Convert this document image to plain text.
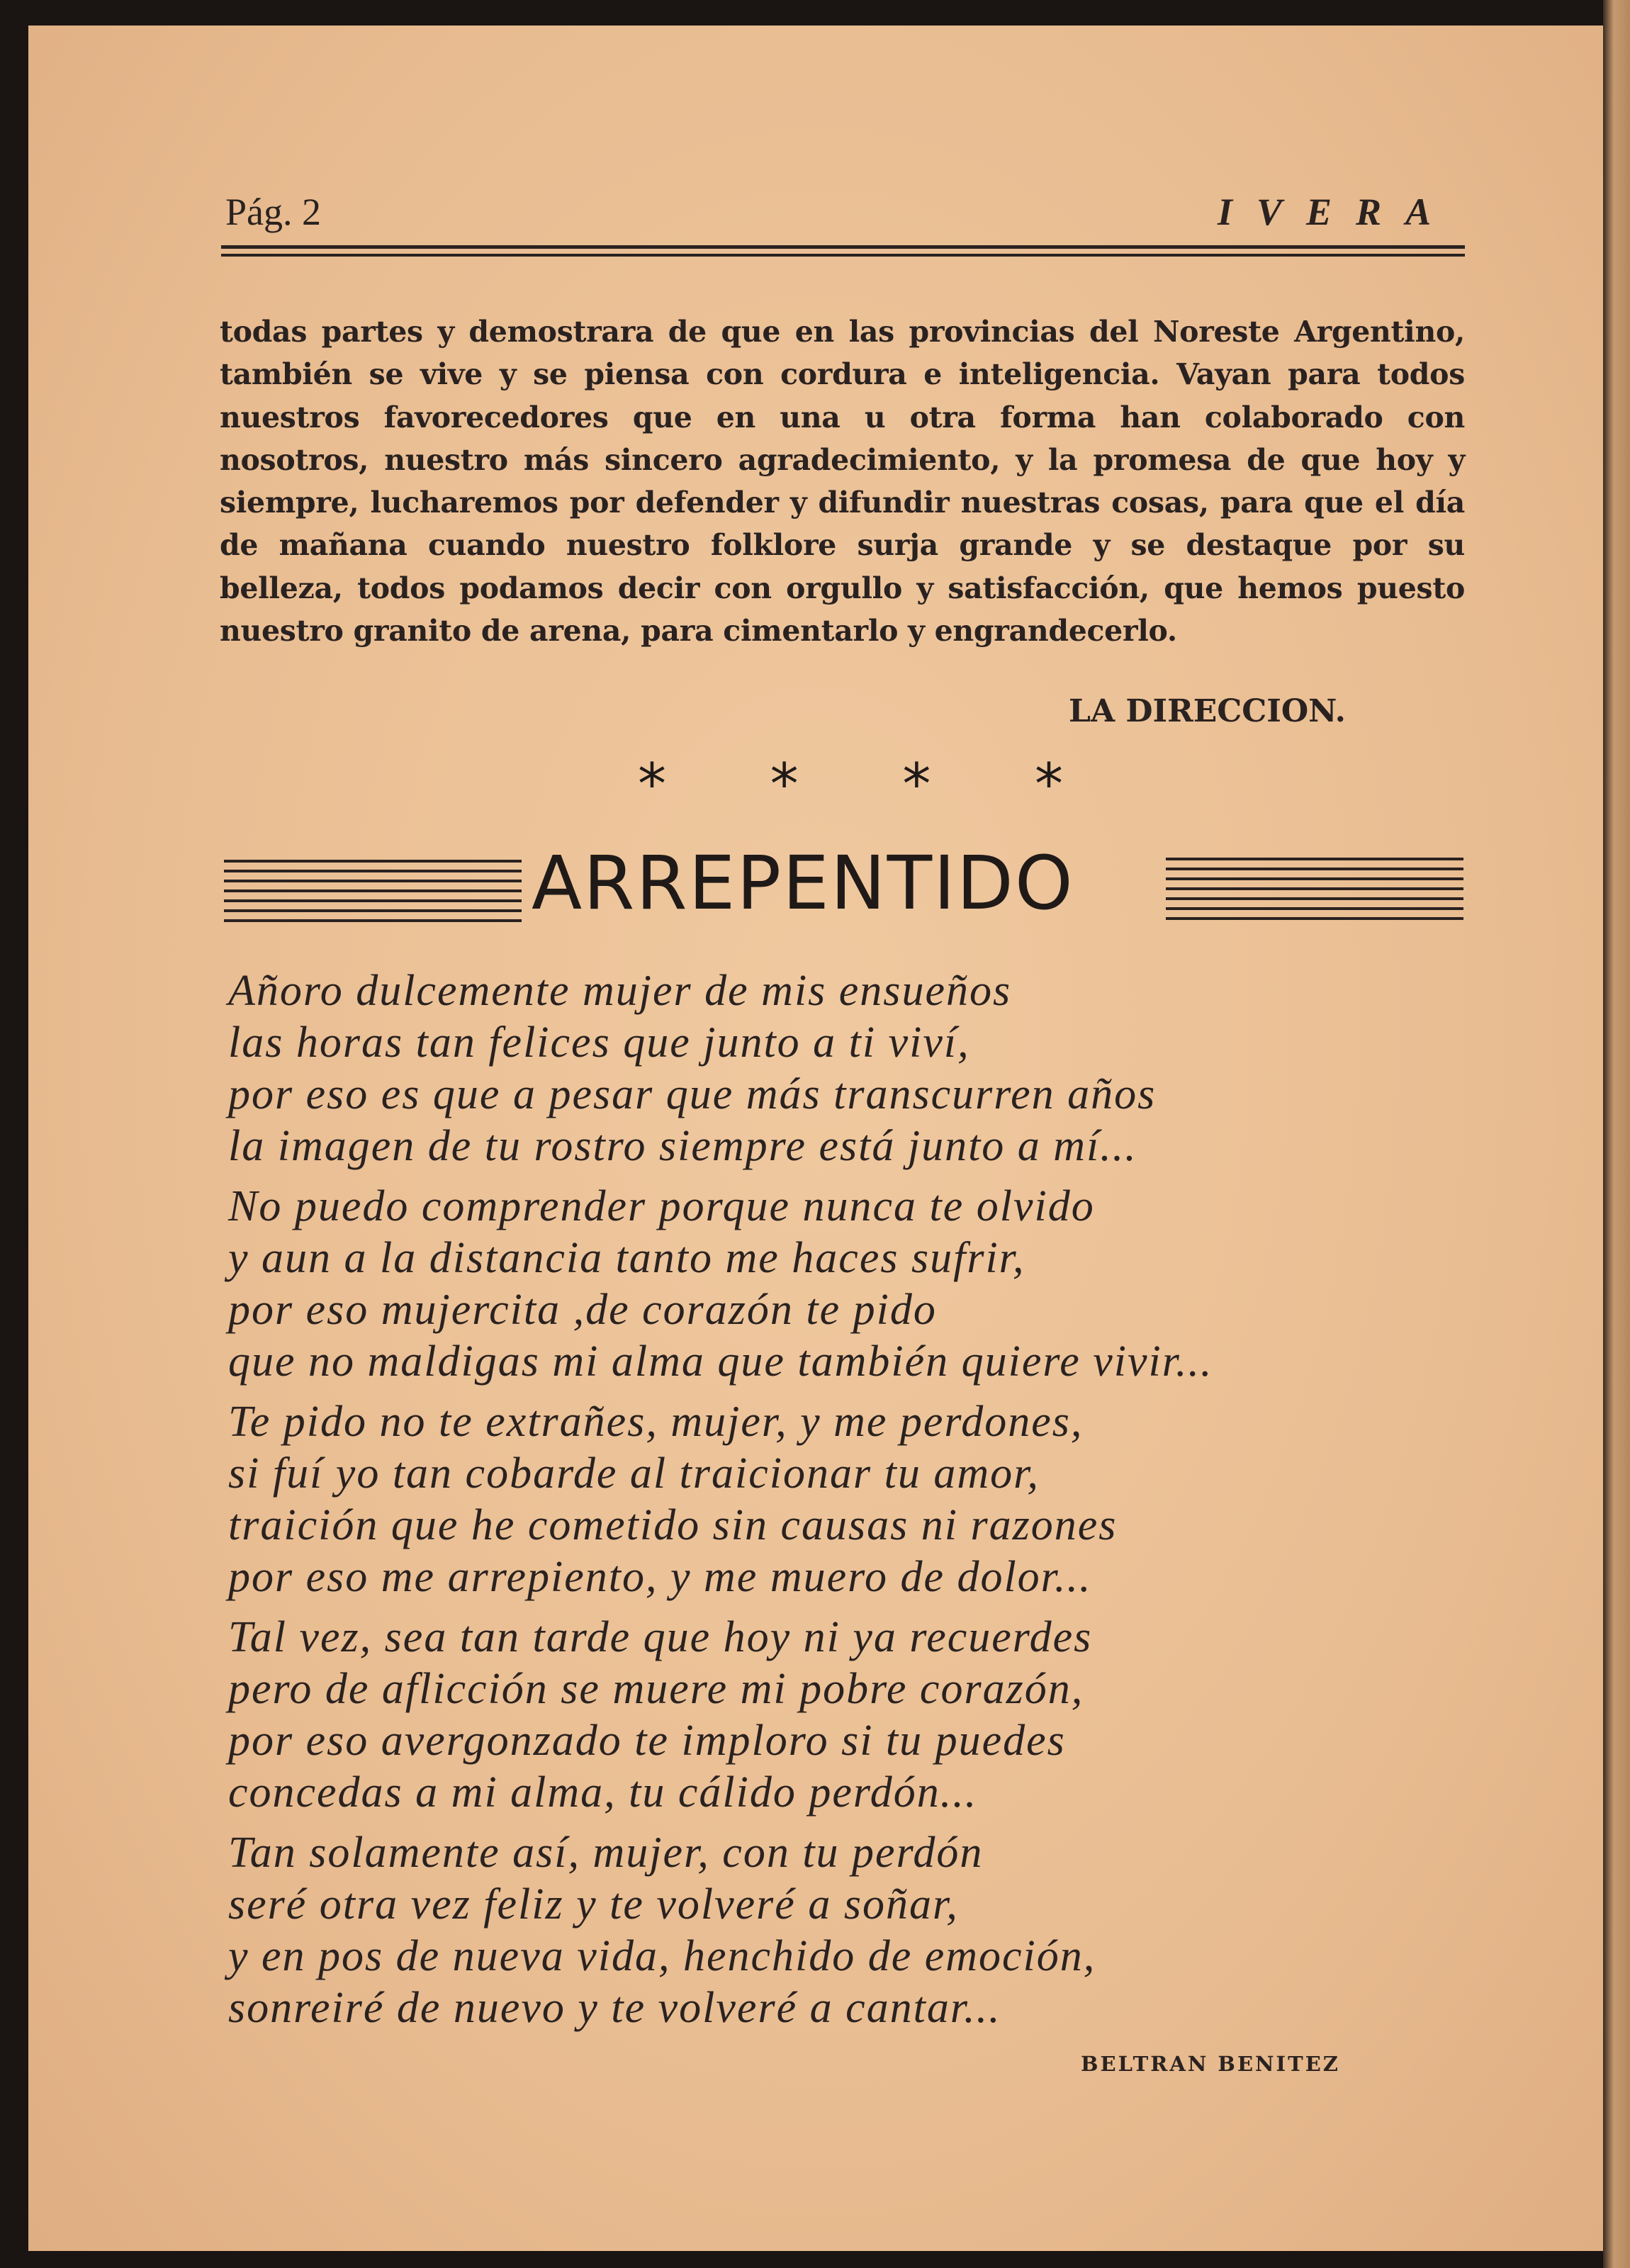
Pág. 2	IVERA
todas partes y demostrara de que en las provincias del Noreste Argentino, también se vive y se piensa con cordura e inteligencia. Vayan para todos nuestros favorecedores que en una u otra forma han colaborado con nosotros, nuestro más sincero agradecimiento, y la promesa de que hoy y siempre, lucharemos por defender y difundir nuestras cosas, para que el día de mañana cuando nuestro folklore surja grande y se destaque por su belleza, todos podamos decir con orgullo y satisfacción, que hemos puesto nuestro granito de arena, para cimentarlo y engrandecerlo.
LA DIRECCION.
* * * *
ARREPENTIDO
Añoro dulcemente mujer de mis ensueños
las horas tan felices que junto a ti viví,
por eso es que a pesar que más transcurren años
la imagen de tu rostro siempre está junto a mí...
No puedo comprender porque nunca te olvido
y aun a la distancia tanto me haces sufrir,
por eso mujercita ,de corazón te pido
que no maldigas mi alma que también quiere vivir...
Te pido no te extrañes, mujer, y me perdones,
si fuí yo tan cobarde al traicionar tu amor,
traición que he cometido sin causas ni razones
por eso me arrepiento, y me muero de dolor...
Tal vez, sea tan tarde que hoy ni ya recuerdes
pero de aflicción se muere mi pobre corazón,
por eso avergonzado te imploro si tu puedes
concedas a mi alma, tu cálido perdón...
Tan solamente así, mujer, con tu perdón
seré otra vez feliz y te volveré a soñar,
y en pos de nueva vida, henchido de emoción,
sonreiré de nuevo y te volveré a cantar...
BELTRAN BENITEZ
